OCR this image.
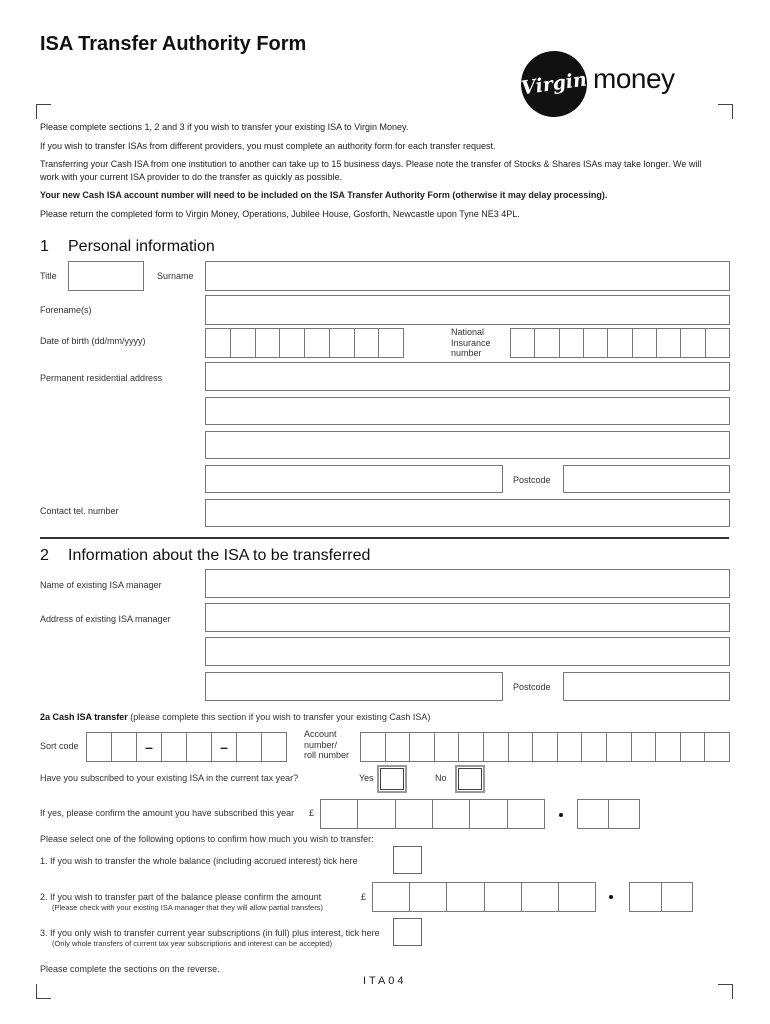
ISA Transfer Authority Form
Virgin money

Please complete sections 1, 2 and 3 if you wish to transfer your existing ISA to Virgin Money.

If you wish to transfer ISAs from different providers, you must complete an authority form for each transfer request.

Transferring your Cash ISA from one institution to another can take up to 15 business days. Please note the transfer of Stocks & Shares ISAs may take longer. We will work with your current ISA provider to do the transfer as quickly as possible.

Your new Cash ISA account number will need to be included on the ISA Transfer Authority Form (otherwise it may delay processing).

Please return the completed form to Virgin Money, Operations, Jubilee House, Gosforth, Newcastle upon Tyne NE3 4PL.

1 Personal information
Title	Surname
Forename(s)
Date of birth (dd/mm/yyyy)
National
Insurance
number
Permanent residential address
Postcode
Contact tel. number
2 Information about the ISA to be transferred
Name of existing ISA manager
Address of existing ISA manager
Postcode
2a Cash ISA transfer (please complete this section if you wish to transfer your existing Cash ISA)
Sort code	–	–
Account
number/
roll number
Have you subscribed to your existing ISA in the current tax year?	Yes	No
If yes, please confirm the amount you have subscribed this year £
Please select one of the following options to confirm how much you wish to transfer:
1. If you wish to transfer the whole balance (including accrued interest) tick here
2. If you wish to transfer part of the balance please confirm the amount
(Please check with your existing ISA manager that they will allow partial transfers)
£
3. If you only wish to transfer current year subscriptions (in full) plus interest, tick here
(Only whole transfers of current tax year subscriptions and interest can be accepted)
Please complete the sections on the reverse.
ITA04
